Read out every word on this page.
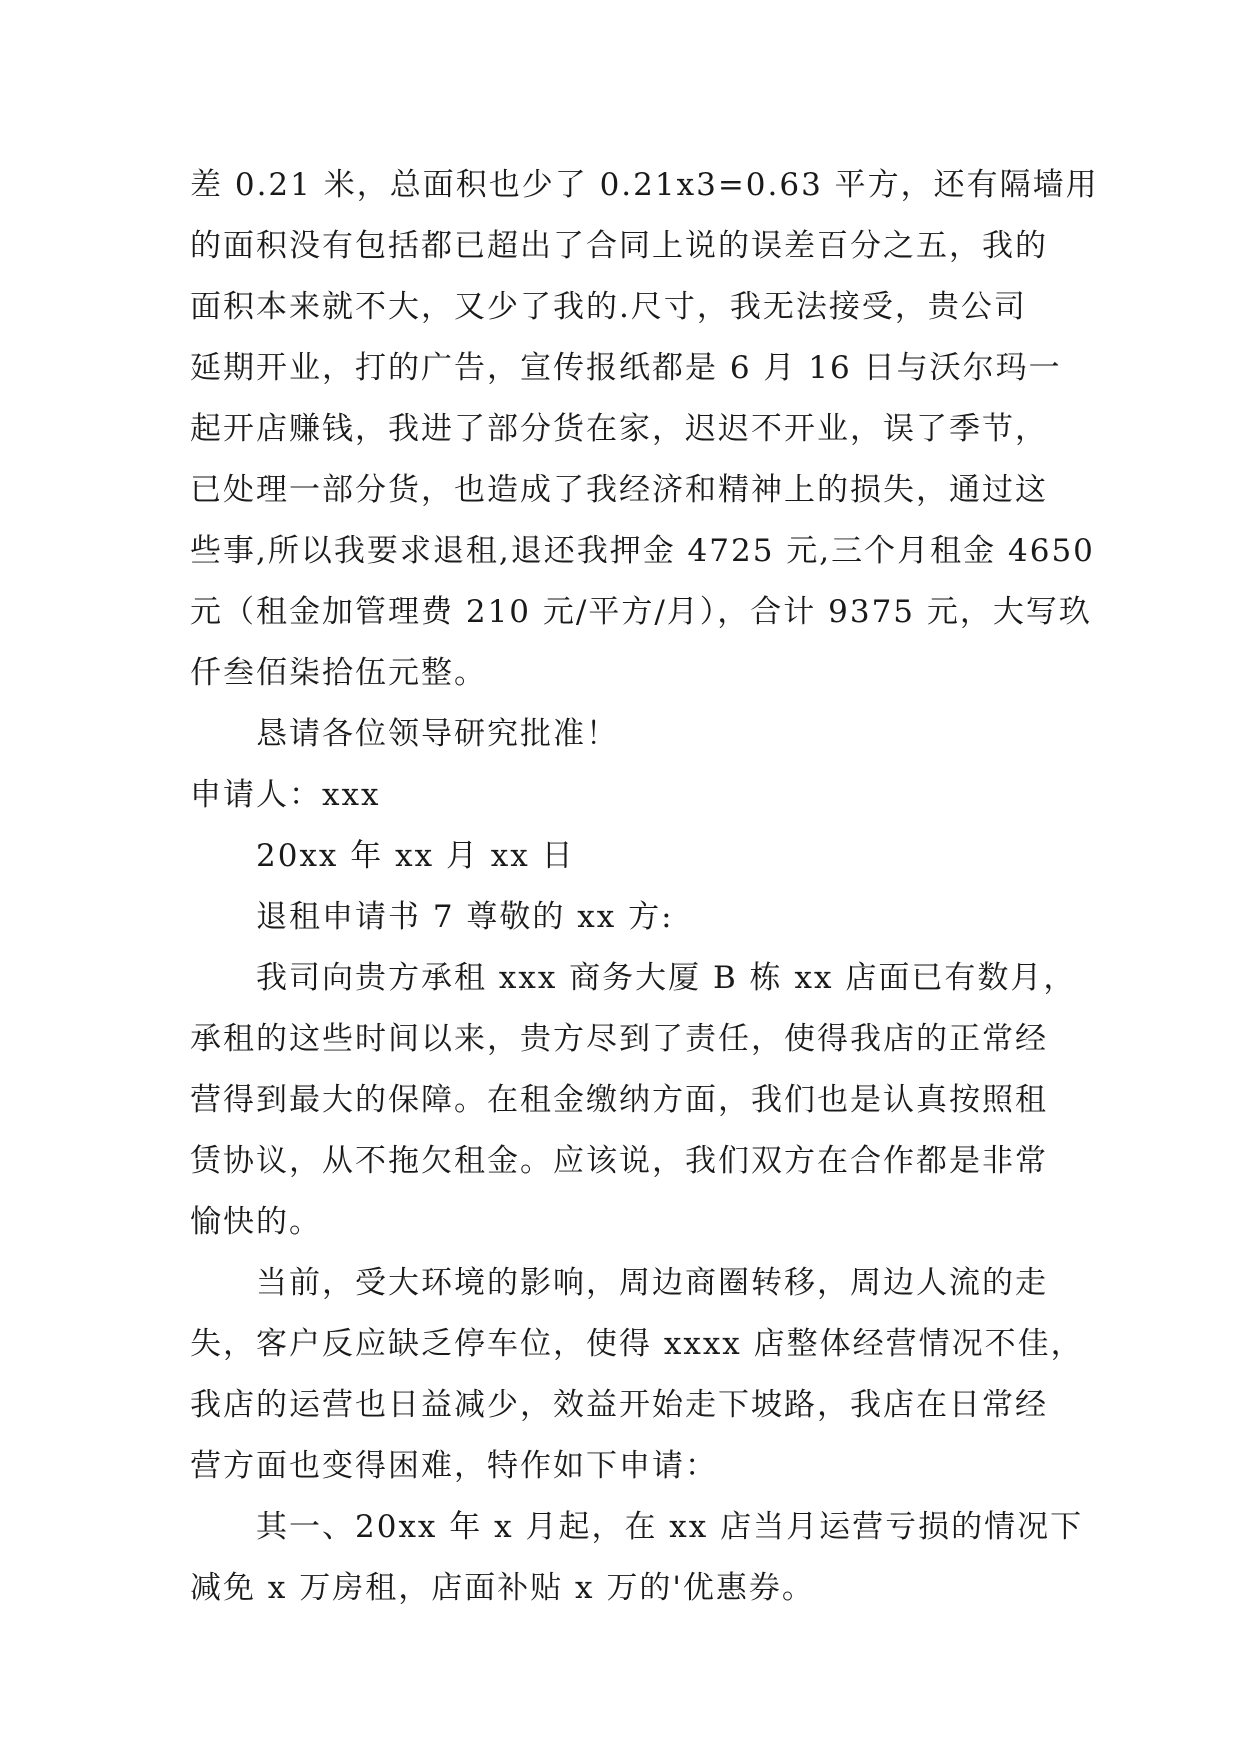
差 0.21 米，总面积也少了 0.21x3=0.63 平方，还有隔墙用
的面积没有包括都已超出了合同上说的误差百分之五，我的
面积本来就不大，又少了我的.尺寸，我无法接受，贵公司
延期开业，打的广告，宣传报纸都是 6 月 16 日与沃尔玛一
起开店赚钱，我进了部分货在家，迟迟不开业，误了季节，
已处理一部分货，也造成了我经济和精神上的损失，通过这
些事,所以我要求退租,退还我押金 4725 元,三个月租金 4650
元（租金加管理费 210 元/平方/月），合计 9375 元，大写玖
仟叁佰柒拾伍元整。
恳请各位领导研究批准！
申请人：xxx
20xx 年 xx 月 xx 日
退租申请书 7 尊敬的 xx 方:
我司向贵方承租 xxx 商务大厦 B 栋 xx 店面已有数月，
承租的这些时间以来，贵方尽到了责任，使得我店的正常经
营得到最大的保障。在租金缴纳方面，我们也是认真按照租
赁协议，从不拖欠租金。应该说，我们双方在合作都是非常
愉快的。
当前，受大环境的影响，周边商圈转移，周边人流的走
失，客户反应缺乏停车位，使得 xxxx 店整体经营情况不佳，
我店的运营也日益减少，效益开始走下坡路，我店在日常经
营方面也变得困难，特作如下申请：
其一、20xx 年 x 月起，在 xx 店当月运营亏损的情况下
减免 x 万房租，店面补贴 x 万的'优惠券。
